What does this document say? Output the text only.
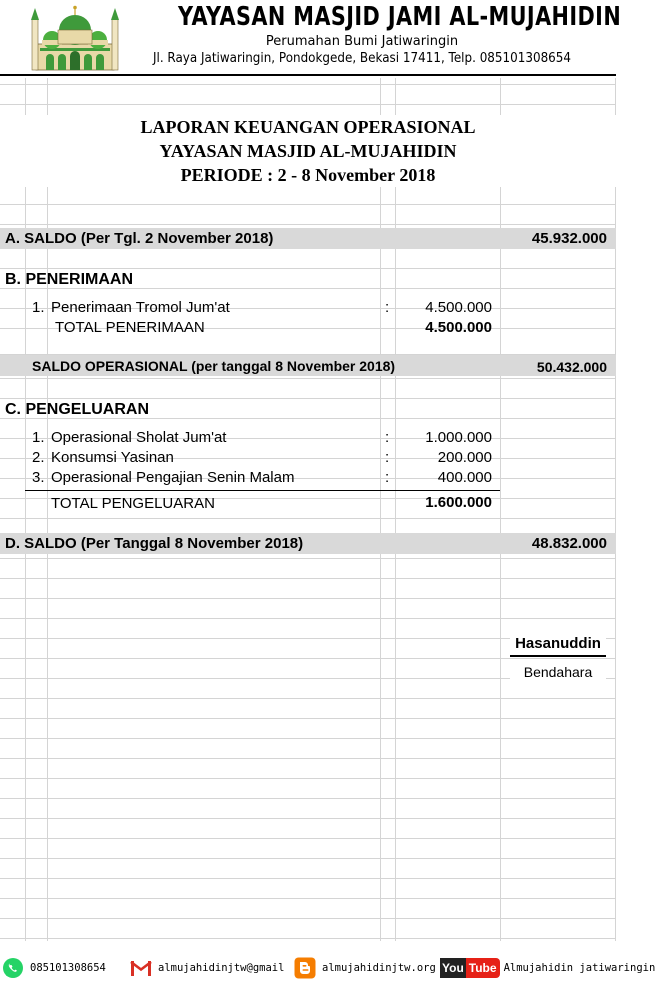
YAYASAN MASJID JAMI AL-MUJAHIDIN
Perumahan Bumi Jatiwaringin
Jl. Raya Jatiwaringin, Pondokgede, Bekasi 17411, Telp. 085101308654
LAPORAN KEUANGAN OPERASIONAL
YAYASAN MASJID AL-MUJAHIDIN
PERIODE : 2 - 8 November 2018
A. SALDO (Per Tgl. 2 November 2018)	45.932.000
B. PENERIMAAN
1. Penerimaan Tromol Jum'at	:	4.500.000
TOTAL PENERIMAAN	4.500.000
SALDO OPERASIONAL (per tanggal 8 November 2018)	50.432.000
C. PENGELUARAN
1. Operasional Sholat Jum'at	:	1.000.000
2. Konsumsi Yasinan	:	200.000
3. Operasional Pengajian Senin Malam	:	400.000
TOTAL PENGELUARAN	1.600.000
D. SALDO (Per Tanggal 8 November 2018)	48.832.000
Hasanuddin
Bendahara
085101308654	almujahidinjtw@gmail	almujahidinjtw.org You Tube Almujahidin jatiwaringin
